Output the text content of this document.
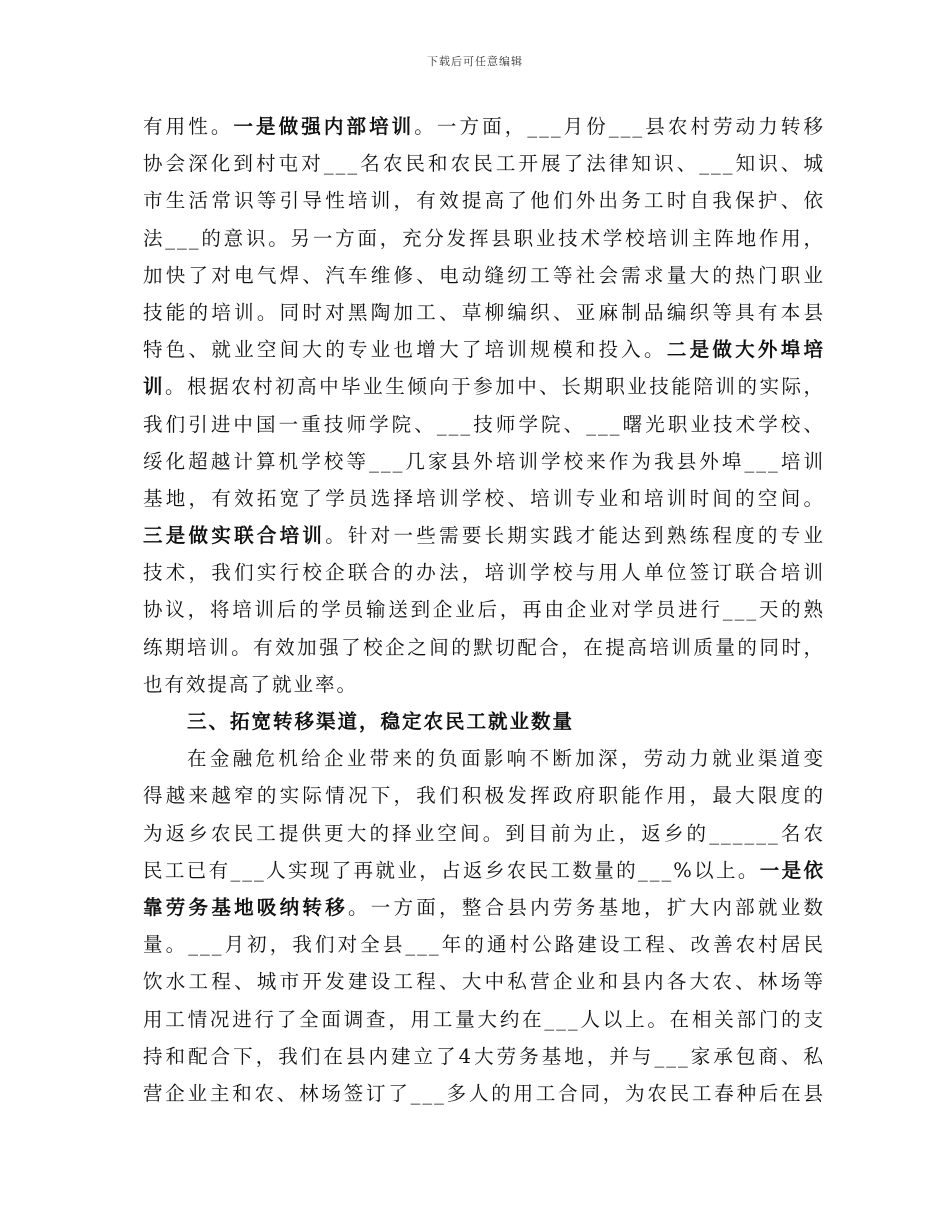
下载后可任意编辑
有用性。一是做强内部培训。一方面，___月份___县农村劳动力转移
协会深化到村屯对___名农民和农民工开展了法律知识、___知识、城
市生活常识等引导性培训，有效提高了他们外出务工时自我保护、依
法___的意识。另一方面，充分发挥县职业技术学校培训主阵地作用，
加快了对电气焊、汽车维修、电动缝纫工等社会需求量大的热门职业
技能的培训。同时对黑陶加工、草柳编织、亚麻制品编织等具有本县
特色、就业空间大的专业也增大了培训规模和投入。二是做大外埠培
训。根据农村初高中毕业生倾向于参加中、长期职业技能陪训的实际，
我们引进中国一重技师学院、___技师学院、___曙光职业技术学校、
绥化超越计算机学校等___几家县外培训学校来作为我县外埠___培训
基地，有效拓宽了学员选择培训学校、培训专业和培训时间的空间。
三是做实联合培训。针对一些需要长期实践才能达到熟练程度的专业
技术，我们实行校企联合的办法，培训学校与用人单位签订联合培训
协议，将培训后的学员输送到企业后，再由企业对学员进行___天的熟
练期培训。有效加强了校企之间的默切配合，在提高培训质量的同时，
也有效提高了就业率。
三、拓宽转移渠道，稳定农民工就业数量
在金融危机给企业带来的负面影响不断加深，劳动力就业渠道变
得越来越窄的实际情况下，我们积极发挥政府职能作用，最大限度的
为返乡农民工提供更大的择业空间。到目前为止，返乡的______名农
民工已有___人实现了再就业，占返乡农民工数量的___%以上。一是依
靠劳务基地吸纳转移。一方面，整合县内劳务基地，扩大内部就业数
量。___月初，我们对全县___年的通村公路建设工程、改善农村居民
饮水工程、城市开发建设工程、大中私营企业和县内各大农、林场等
用工情况进行了全面调查，用工量大约在___人以上。在相关部门的支
持和配合下，我们在县内建立了4大劳务基地，并与___家承包商、私
营企业主和农、林场签订了___多人的用工合同，为农民工春种后在县
